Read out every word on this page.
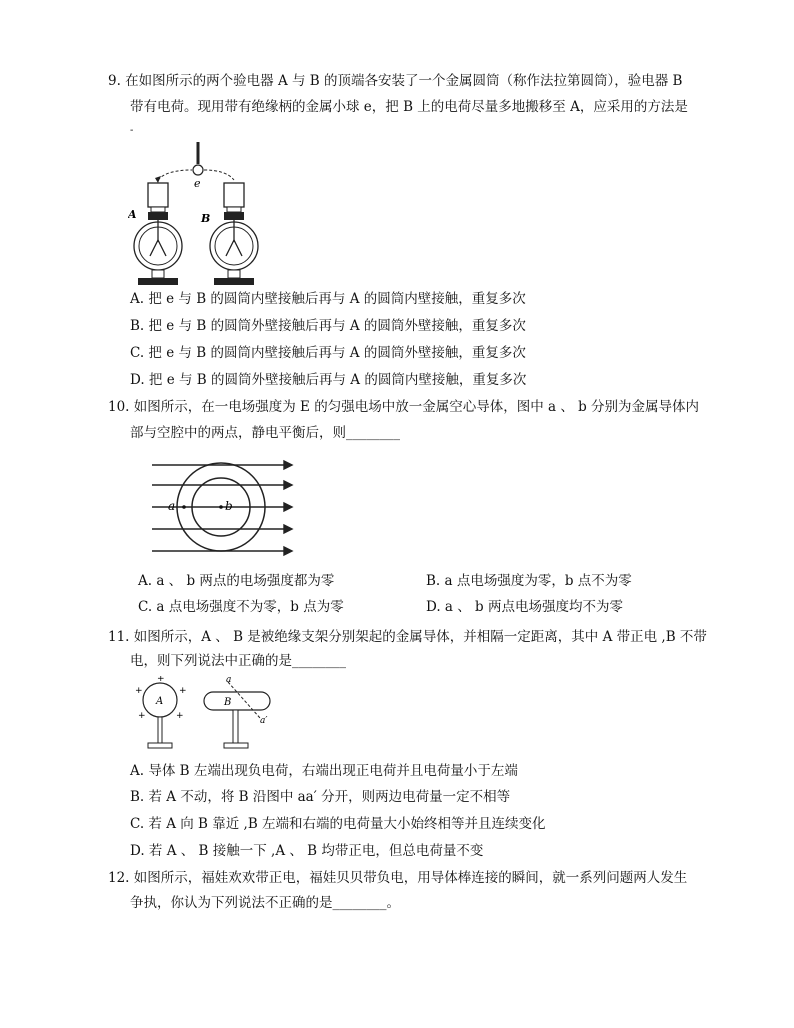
9. 在如图所示的两个验电器 A 与 B 的顶端各安装了一个金属圆筒（称作法拉第圆筒），验电器 B
带有电荷。现用带有绝缘柄的金属小球 e，把 B 上的电荷尽量多地搬移至 A，应采用的方法是
-
e
A	B
A. 把 e 与 B 的圆筒内壁接触后再与 A 的圆筒内壁接触，重复多次
B. 把 e 与 B 的圆筒外壁接触后再与 A 的圆筒外壁接触，重复多次
C. 把 e 与 B 的圆筒内壁接触后再与 A 的圆筒外壁接触，重复多次
D. 把 e 与 B 的圆筒外壁接触后再与 A 的圆筒内壁接触，重复多次
10. 如图所示，在一电场强度为 E 的匀强电场中放一金属空心导体，图中 a 、 b 分别为金属导体内
部与空腔中的两点，静电平衡后，则________
a	b
A. a 、 b 两点的电场强度都为零	B. a 点电场强度为零，b 点不为零
C. a 点电场强度不为零，b 点为零	D. a 、 b 两点电场强度均不为零
11. 如图所示，A 、 B 是被绝缘支架分别架起的金属导体，并相隔一定距离，其中 A 带正电 ,B 不带
电，则下列说法中正确的是________
A
+
+	+
+	+
B
a
a′
A. 导体 B 左端出现负电荷，右端出现正电荷并且电荷量小于左端
B. 若 A 不动，将 B 沿图中 aa′ 分开，则两边电荷量一定不相等
C. 若 A 向 B 靠近 ,B 左端和右端的电荷量大小始终相等并且连续变化
D. 若 A 、 B 接触一下 ,A 、 B 均带正电，但总电荷量不变
12. 如图所示，福娃欢欢带正电，福娃贝贝带负电，用导体棒连接的瞬间，就一系列问题两人发生
争执，你认为下列说法不正确的是________。
